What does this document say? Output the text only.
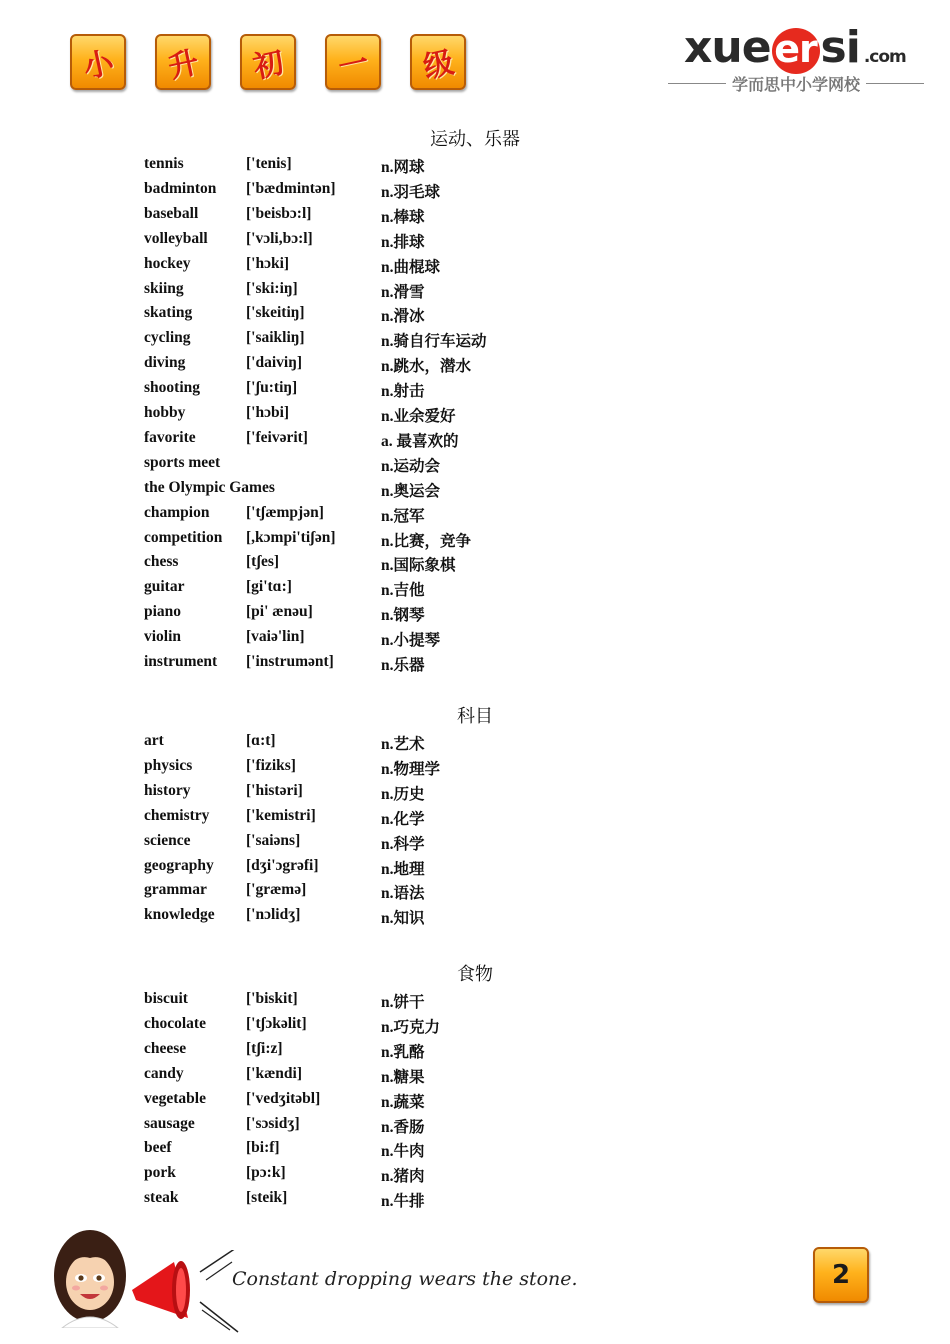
小 升 初 一 级	xue er si .com
学而思中小学网校
运动、乐器
tennis	['tenis]	n.网球
badminton ['bædmintən]	n.羽毛球
baseball	['beisbɔ:l]	n.棒球
volleyball ['vɔli,bɔ:l]	n.排球
hockey	['hɔki]	n.曲棍球
skiing	['ski:iŋ]	n.滑雪
skating	['skeitiŋ]	n.滑冰
cycling	['saikliŋ]	n.骑自行车运动
diving	['daiviŋ]	n.跳水，潜水
shooting	['ʃu:tiŋ]	n.射击
hobby	['hɔbi]	n.业余爱好
favorite	['feivərit]	a. 最喜欢的
sports meet	n.运动会
the Olympic Games	n.奥运会
champion ['tʃæmpjən]	n.冠军
competition [,kɔmpi'tiʃən]	n.比赛，竞争
chess	[tʃes]	n.国际象棋
guitar	[gi'tɑ:]	n.吉他
piano	[pi' ænəu]	n.钢琴
violin	[vaiə'lin]	n.小提琴
instrument ['instrumənt]	n.乐器
科目
art	[ɑ:t]	n.艺术
physics	['fiziks]	n.物理学
history	['histəri]	n.历史
chemistry ['kemistri]	n.化学
science	['saiəns]	n.科学
geography [dʒi'ɔgrəfi]	n.地理
grammar	['græmə]	n.语法
knowledge ['nɔlidʒ]	n.知识
食物
biscuit	['biskit]	n.饼干
chocolate	['tʃɔkəlit]	n.巧克力
cheese	[tʃi:z]	n.乳酪
candy	['kændi]	n.糖果
vegetable	['vedʒitəbl]	n.蔬菜
sausage	['sɔsidʒ]	n.香肠
beef	[bi:f]	n.牛肉
pork	[pɔ:k]	n.猪肉
steak	[steik]	n.牛排
Constant dropping wears the stone.	2
